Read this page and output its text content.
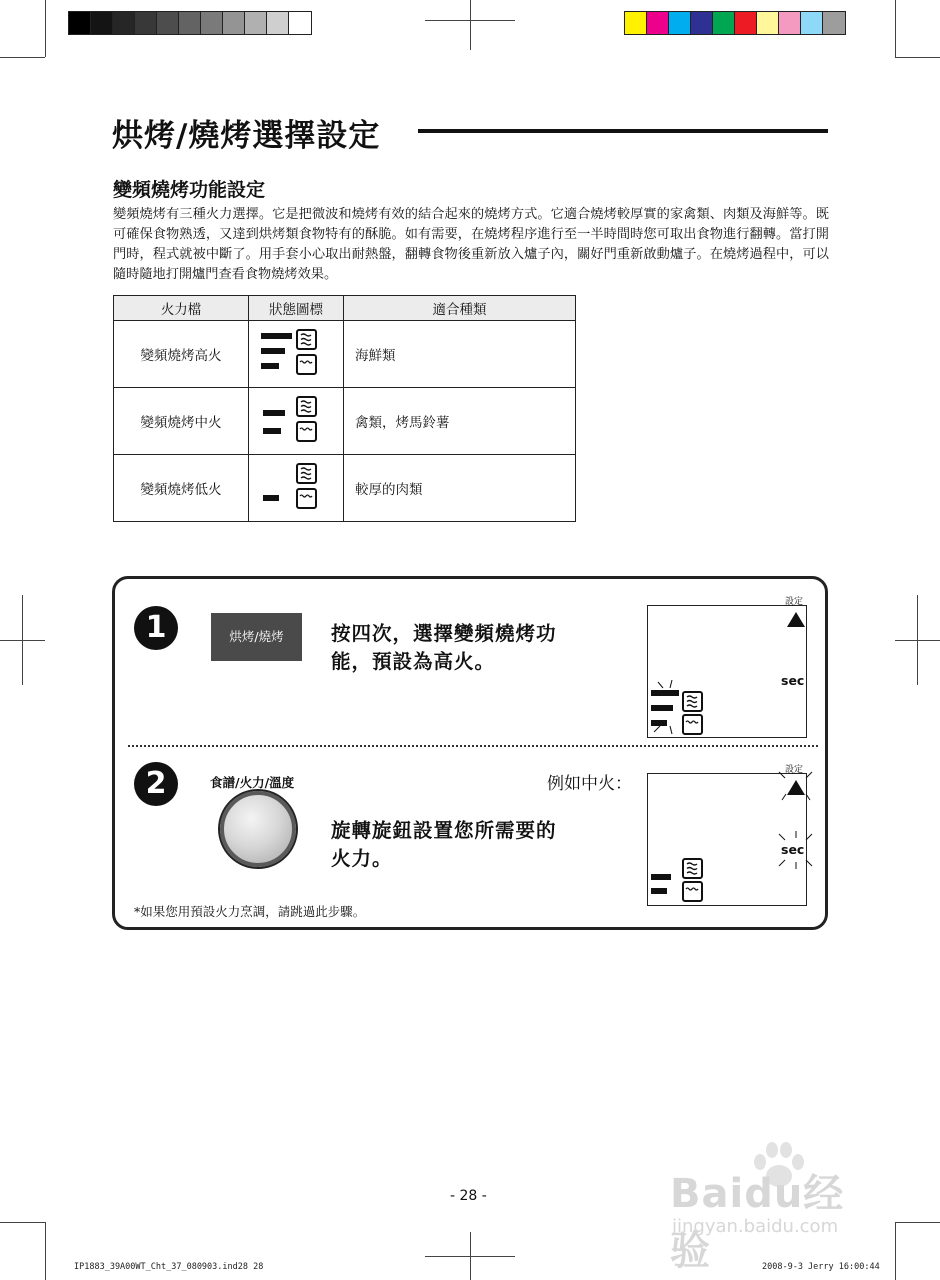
烘烤/燒烤選擇設定
變頻燒烤功能設定
變頻燒烤有三種火力選擇。它是把微波和燒烤有效的結合起來的燒烤方式。它適合燒烤較厚實的家禽類、肉類及海鮮等。既可確保食物熟透，又達到烘烤類食物特有的酥脆。如有需要，在燒烤程序進行至一半時間時您可取出食物進行翻轉。當打開門時，程式就被中斷了。用手套小心取出耐熱盤，翻轉食物後重新放入爐子內，關好門重新啟動爐子。在燒烤過程中，可以隨時隨地打開爐門查看食物燒烤效果。
火力檔	狀態圖標	適合種類
變頻燒烤高火		海鮮類
變頻燒烤中火		禽類，烤馬鈴薯
變頻燒烤低火		較厚的肉類
1	烘烤/燒烤	按四次，選擇變頻燒烤功
能，預設為高火。
sec
設定
2	食譜/火力/溫度	例如中火：
旋轉旋鈕設置您所需要的
火力。	sec
設定
*如果您用預設火力烹調，請跳過此步驟。
- 28 -
IP1883_39A00WT_Cht_37_080903.ind28 28	2008-9-3 Jerry 16:00:44
Baidu经验
jingyan.baidu.com
